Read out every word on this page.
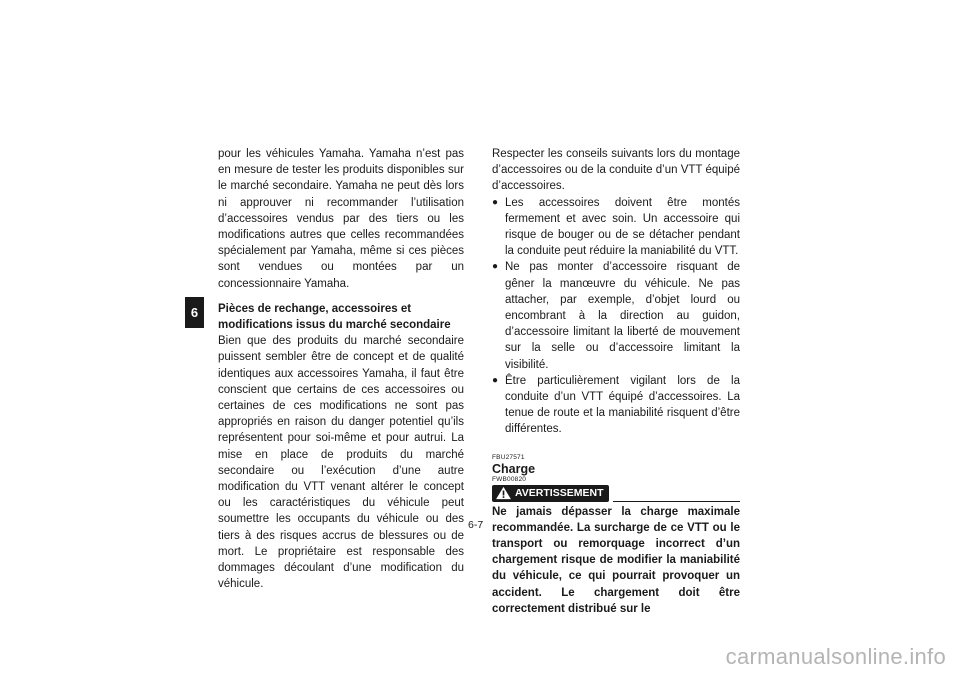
6

pour les véhicules Yamaha. Yamaha n’est pas en mesure de tester les produits disponibles sur le marché secondaire. Yamaha ne peut dès lors ni approuver ni recommander l’utilisation d’accessoires vendus par des tiers ou les modifications autres que celles recommandées spécialement par Yamaha, même si ces pièces sont vendues ou montées par un concessionnaire Yamaha.

Pièces de rechange, accessoires et modifications issus du marché secondaire

Bien que des produits du marché secondaire puissent sembler être de concept et de qualité identiques aux accessoires Yamaha, il faut être conscient que certains de ces accessoires ou certaines de ces modifications ne sont pas appropriés en raison du danger potentiel qu’ils représentent pour soi-même et pour autrui. La mise en place de produits du marché secondaire ou l’exécution d’une autre modification du VTT venant altérer le concept ou les caractéristiques du véhicule peut soumettre les occupants du véhicule ou des tiers à des risques accrus de blessures ou de mort. Le propriétaire est responsable des dommages découlant d’une modification du véhicule.

Respecter les conseils suivants lors du montage d’accessoires ou de la conduite d’un VTT équipé d’accessoires.

● Les accessoires doivent être montés fermement et avec soin. Un accessoire qui risque de bouger ou de se détacher pendant la conduite peut réduire la maniabilité du VTT.
● Ne pas monter d’accessoire risquant de gêner la manœuvre du véhicule. Ne pas attacher, par exemple, d’objet lourd ou encombrant à la direction au guidon, d’accessoire limitant la liberté de mouvement sur la selle ou d’accessoire limitant la visibilité.
● Être particulièrement vigilant lors de la conduite d’un VTT équipé d’accessoires. La tenue de route et la maniabilité risquent d’être différentes.
FBU27571
Charge
FWB00820
AVERTISSEMENT

Ne jamais dépasser la charge maximale recommandée. La surcharge de ce VTT ou le transport ou remorquage incorrect d’un chargement risque de modifier la maniabilité du véhicule, ce qui pourrait provoquer un accident. Le chargement doit être correctement distribué sur le

6-7
carmanualsonline.info
